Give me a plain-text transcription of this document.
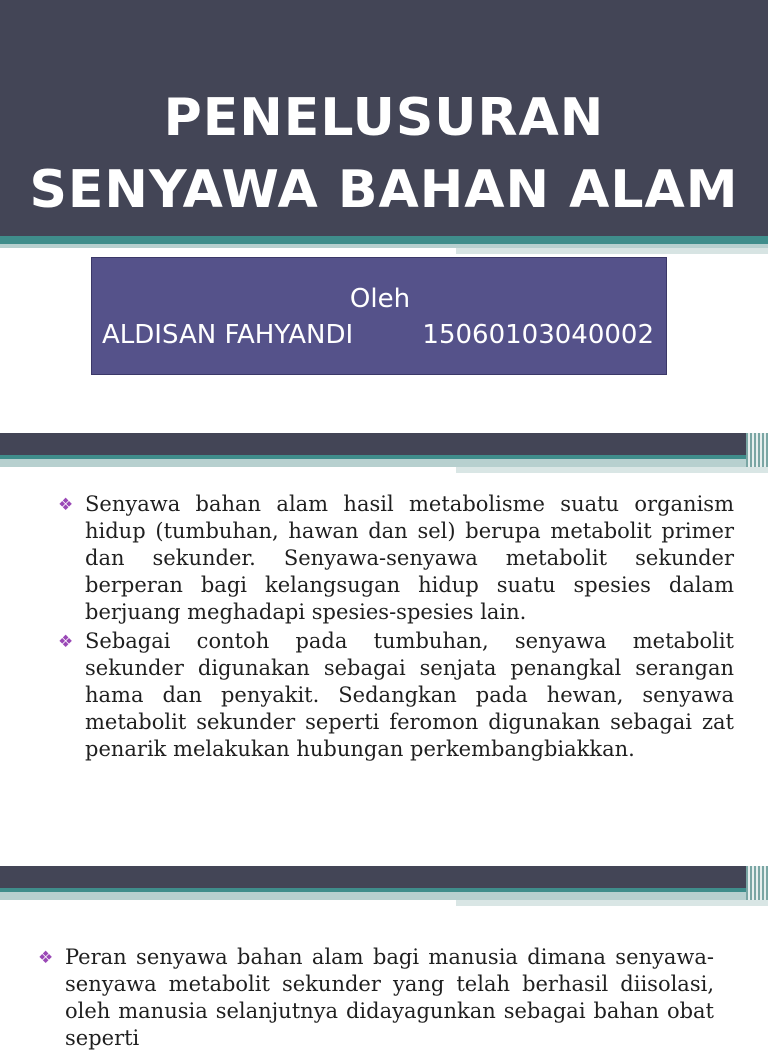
PENELUSURAN
SENYAWA BAHAN ALAM
Oleh
ALDISAN FAHYANDI	15060103040002
❖ Senyawa bahan alam hasil metabolisme suatu organism hidup (tumbuhan, hawan dan sel) berupa metabolit primer dan sekunder. Senyawa-senyawa metabolit sekunder berperan bagi kelangsugan hidup suatu spesies dalam berjuang meghadapi spesies-spesies lain.
❖ Sebagai contoh pada tumbuhan, senyawa metabolit sekunder digunakan sebagai senjata penangkal serangan hama dan penyakit. Sedangkan pada hewan, senyawa metabolit sekunder seperti feromon digunakan sebagai zat penarik melakukan hubungan perkembangbiakkan.
❖ Peran senyawa bahan alam bagi manusia dimana senyawa-senyawa metabolit sekunder yang telah berhasil diisolasi, oleh manusia selanjutnya didayagunkan sebagai bahan obat seperti
